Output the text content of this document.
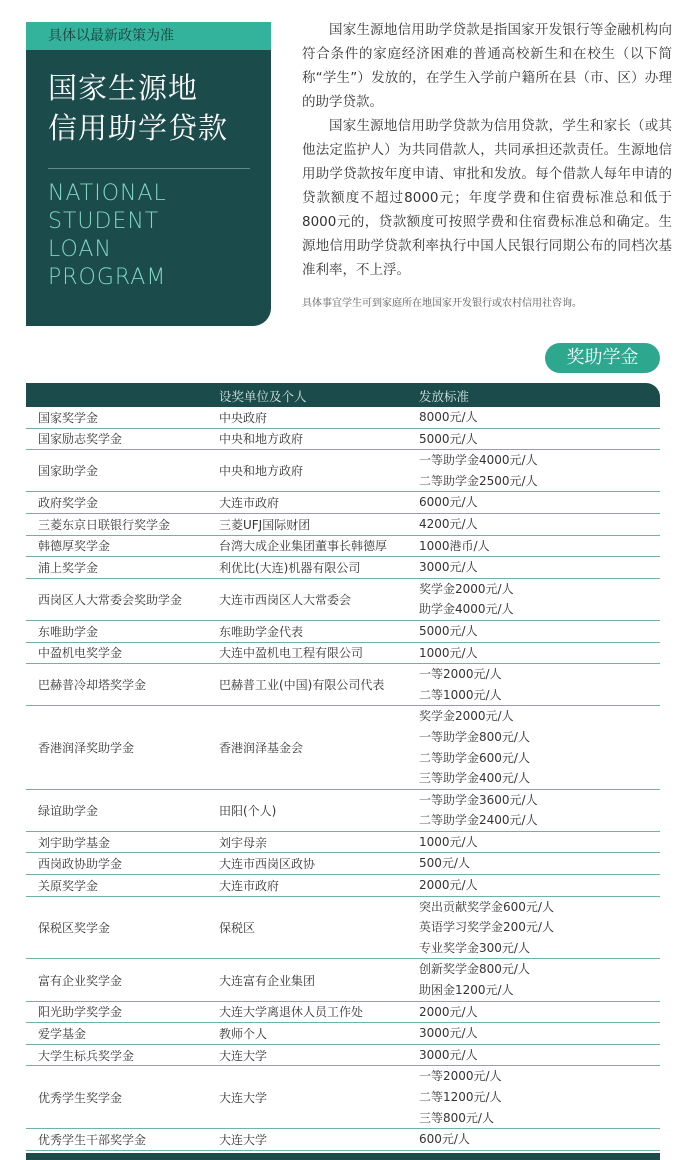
具体以最新政策为准
国家生源地
信用助学贷款
NATIONAL
STUDENT
LOAN
PROGRAM

国家生源地信用助学贷款是指国家开发银行等金融机构向符合条件的家庭经济困难的普通高校新生和在校生（以下简称“学生”）发放的，在学生入学前户籍所在县（市、区）办理的助学贷款。

国家生源地信用助学贷款为信用贷款，学生和家长（或其他法定监护人）为共同借款人，共同承担还款责任。生源地信用助学贷款按年度申请、审批和发放。每个借款人每年申请的贷款额度不超过8000元；年度学费和住宿费标准总和低于8000元的，贷款额度可按照学费和住宿费标准总和确定。生源地信用助学贷款利率执行中国人民银行同期公布的同档次基准利率，不上浮。

具体事宜学生可到家庭所在地国家开发银行或农村信用社咨询。
奖助学金
设奖单位及个人	发放标准
国家奖学金	中央政府	8000元/人
国家励志奖学金	中央和地方政府	5000元/人
国家助学金	中央和地方政府
一等助学金4000元/人
二等助学金2500元/人
政府奖学金	大连市政府	6000元/人
三菱东京日联银行奖学金	三菱UFJ国际财团	4200元/人
韩德厚奖学金	台湾大成企业集团董事长韩德厚	1000港币/人
浦上奖学金	利优比(大连)机器有限公司	3000元/人
西岗区人大常委会奖助学金	大连市西岗区人大常委会
奖学金2000元/人
助学金4000元/人
东唯助学金	东唯助学金代表	5000元/人
中盈机电奖学金	大连中盈机电工程有限公司	1000元/人
巴赫普冷却塔奖学金	巴赫普工业(中国)有限公司代表
一等2000元/人
二等1000元/人
香港润泽奖助学金	香港润泽基金会
奖学金2000元/人
一等助学金800元/人
二等助学金600元/人
三等助学金400元/人
绿谊助学金	田阳(个人)
一等助学金3600元/人
二等助学金2400元/人
刘宇助学基金	刘宇母亲	1000元/人
西岗政协助学金	大连市西岗区政协	500元/人
关原奖学金	大连市政府	2000元/人
保税区奖学金	保税区
突出贡献奖学金600元/人
英语学习奖学金200元/人
专业奖学金300元/人
富有企业奖学金	大连富有企业集团
创新奖学金800元/人
助困金1200元/人
阳光助学奖学金	大连大学离退休人员工作处	2000元/人
爱学基金	教师个人	3000元/人
大学生标兵奖学金	大连大学	3000元/人
优秀学生奖学金	大连大学
一等2000元/人
二等1200元/人
三等800元/人
优秀学生干部奖学金	大连大学	600元/人
